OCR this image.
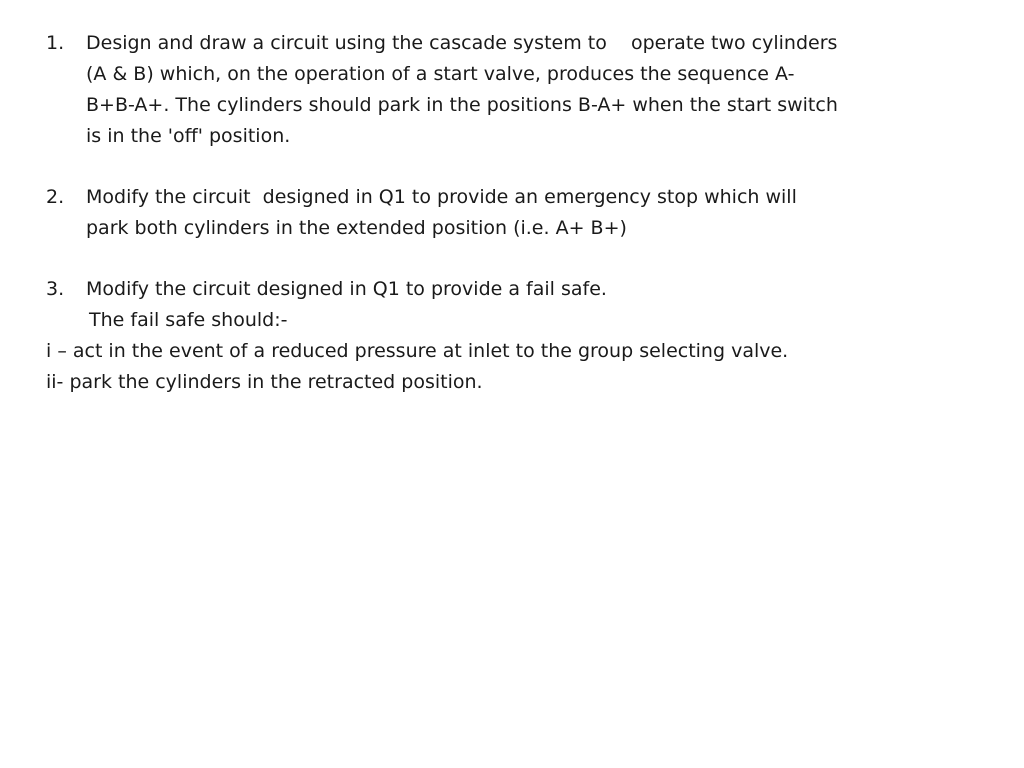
1.	Design and draw a circuit using the cascade system to    operate two cylinders
(A & B) which, on the operation of a start valve, produces the sequence A-
B+B-A+. The cylinders should park in the positions B-A+ when the start switch
is in the 'off' position.
2.	Modify the circuit  designed in Q1 to provide an emergency stop which will
park both cylinders in the extended position (i.e. A+ B+)
3.	Modify the circuit designed in Q1 to provide a fail safe.
The fail safe should:-
i – act in the event of a reduced pressure at inlet to the group selecting valve.
ii- park the cylinders in the retracted position.
